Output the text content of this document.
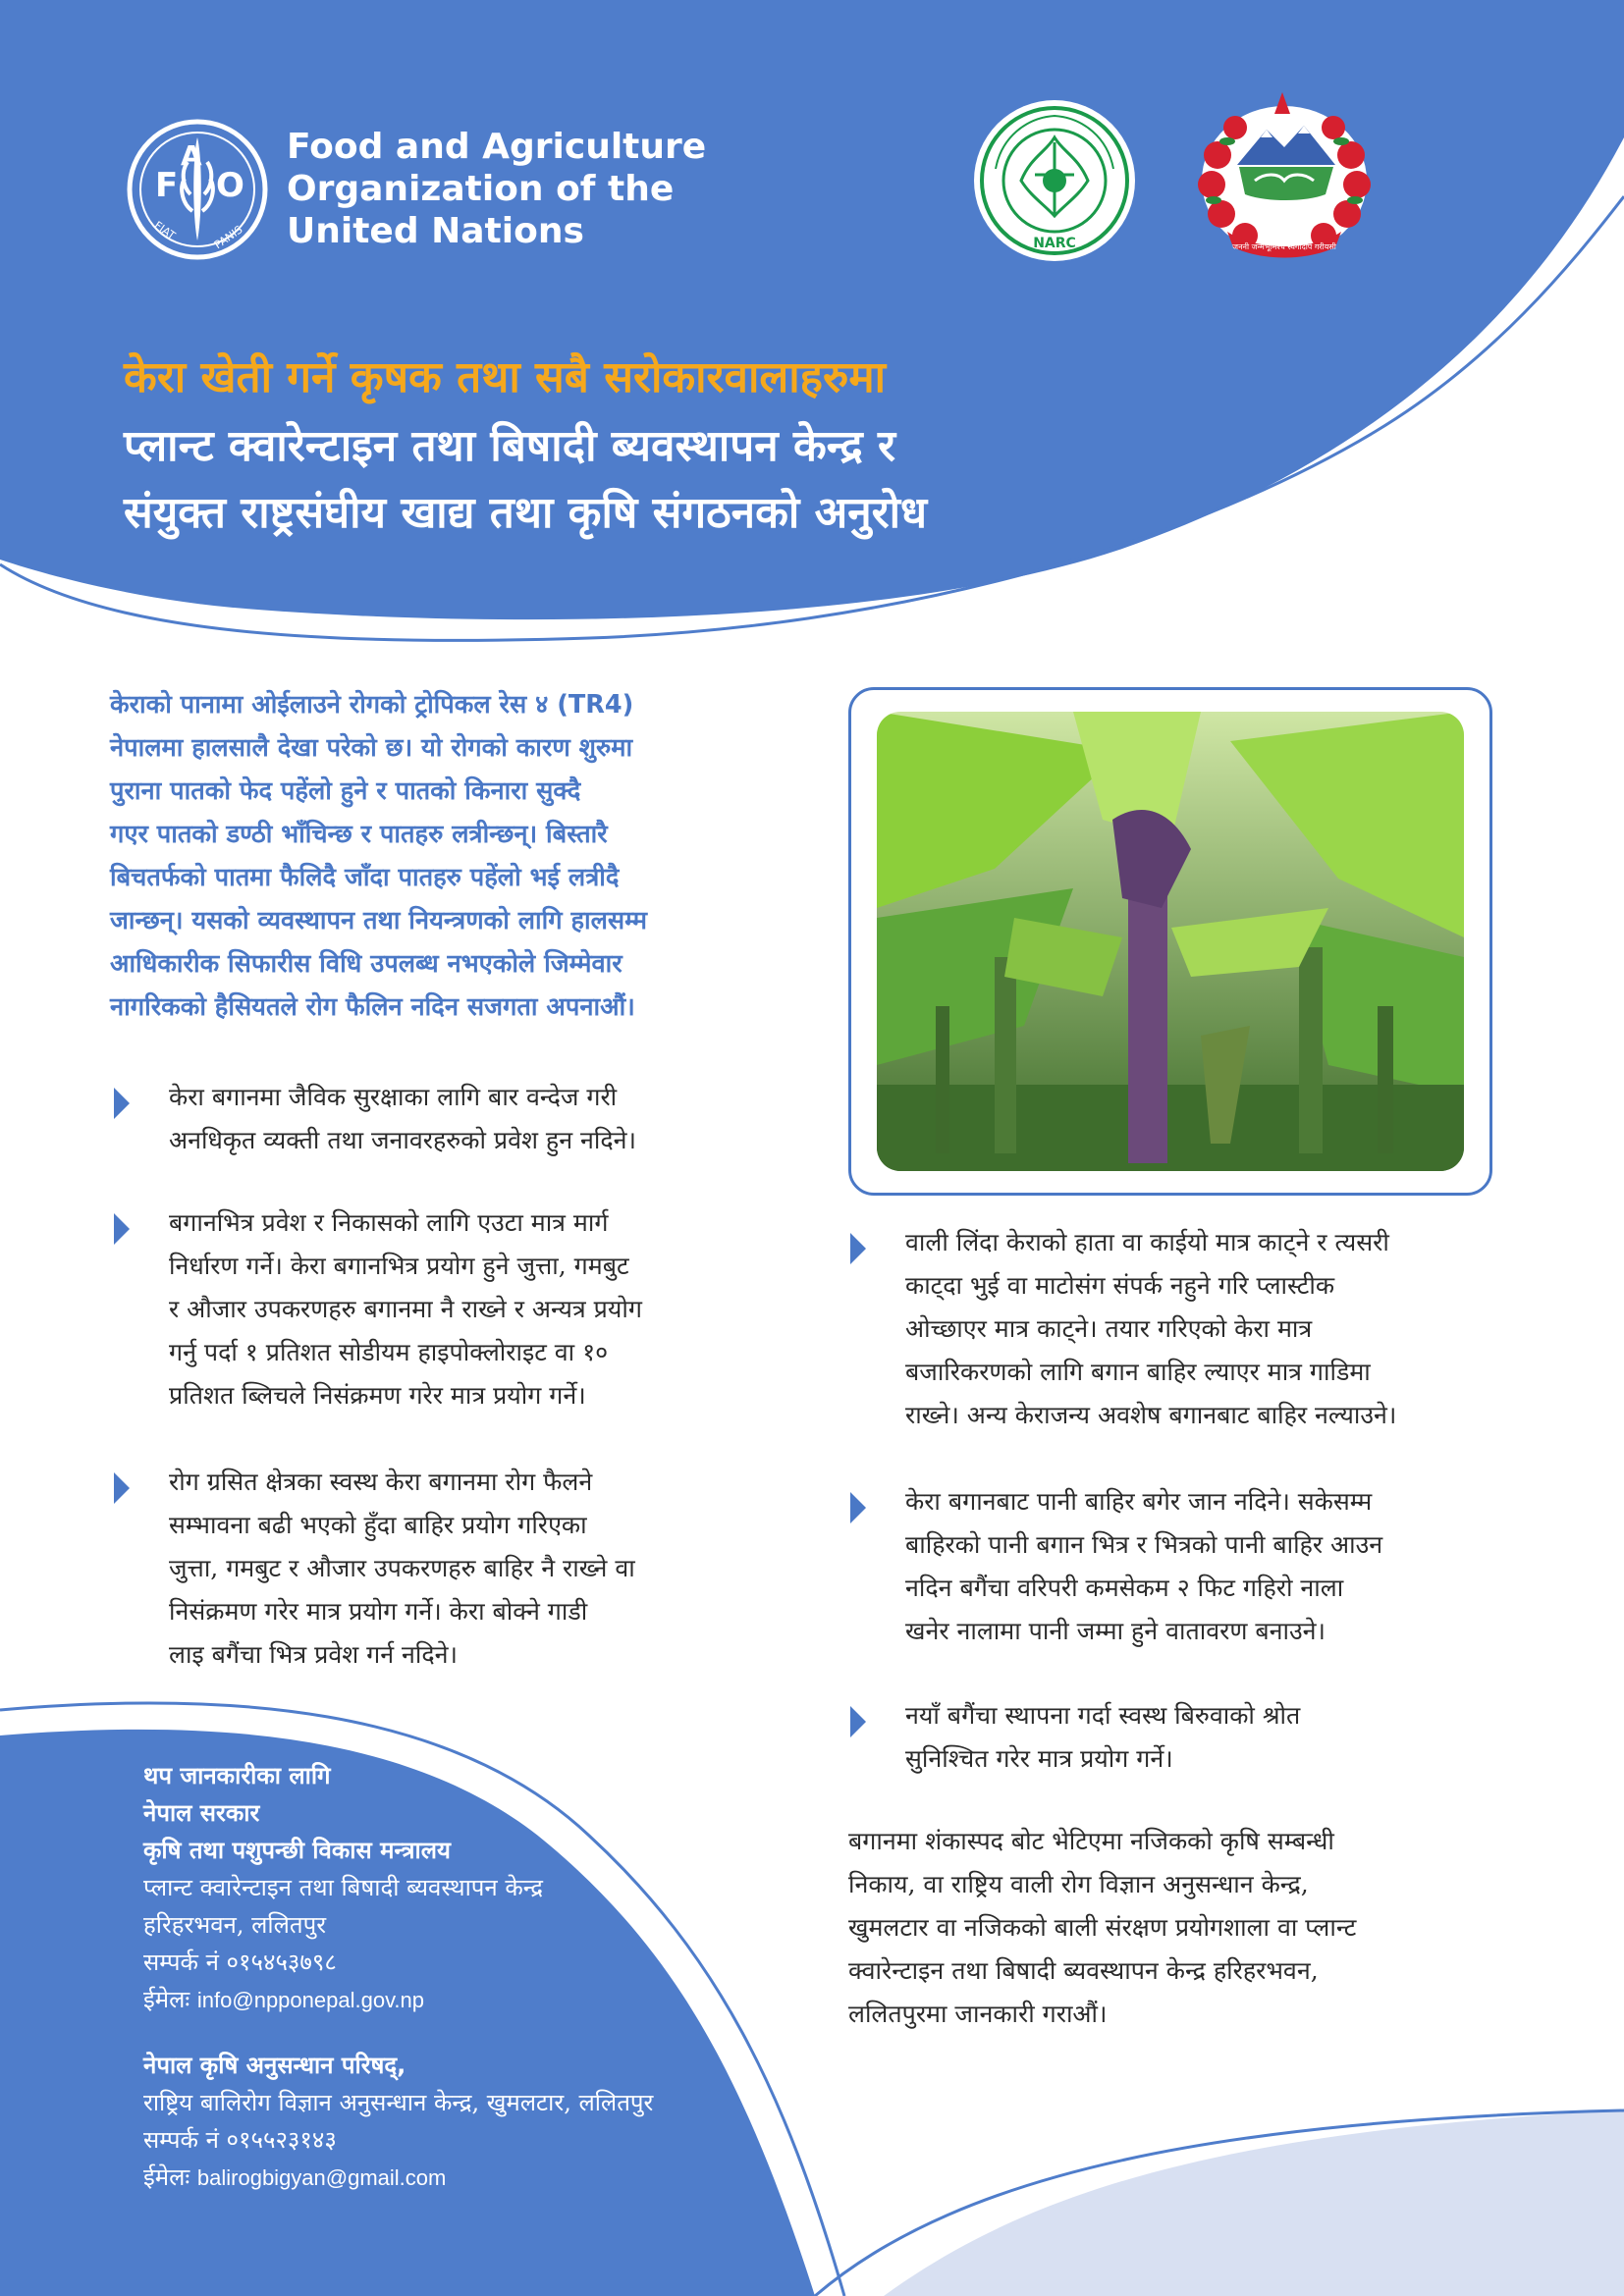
F
A
O
FIAT	PANIS
Food and Agriculture
Organization of the
United Nations	NARC	जननी जन्मभूमिश्च स्वर्गादपि गरीयसी
केरा खेती गर्ने कृषक तथा सबै सरोकारवालाहरुमा
प्लान्ट क्वारेन्टाइन तथा बिषादी ब्यवस्थापन केन्द्र र
संयुक्त राष्ट्रसंघीय खाद्य तथा कृषि संगठनको अनुरोध
केराको पानामा ओईलाउने रोगको ट्रोपिकल रेस ४ (TR4)
नेपालमा हालसालै देखा परेको छ। यो रोगको कारण शुरुमा
पुराना पातको फेद पहेंलो हुने र पातको किनारा सुक्दै
गएर पातको डण्ठी भाँचिन्छ र पातहरु लत्रीन्छन्। बिस्तारै
बिचतर्फको पातमा फैलिदै जाँदा पातहरु पहेंलो भई लत्रीदै
जान्छन्। यसको व्यवस्थापन तथा नियन्त्रणको लागि हालसम्म
आधिकारीक सिफारीस विधि उपलब्ध नभएकोले जिम्मेवार
नागरिकको हैसियतले रोग फैलिन नदिन सजगता अपनाऔं।
केरा बगानमा जैविक सुरक्षाका लागि बार वन्देज गरी
अनधिकृत व्यक्ती तथा जनावरहरुको प्रवेश हुन नदिने।
बगानभित्र प्रवेश र निकासको लागि एउटा मात्र मार्ग
निर्धारण गर्ने। केरा बगानभित्र प्रयोग हुने जुत्ता, गमबुट
र औजार उपकरणहरु बगानमा नै राख्ने र अन्यत्र प्रयोग
गर्नु पर्दा १ प्रतिशत सोडीयम हाइपोक्लोराइट वा १०
प्रतिशत ब्लिचले निसंक्रमण गरेर मात्र प्रयोग गर्ने।
रोग ग्रसित क्षेत्रका स्वस्थ केरा बगानमा रोग फैलने
सम्भावना बढी भएको हुँदा बाहिर प्रयोग गरिएका
जुत्ता, गमबुट र औजार उपकरणहरु बाहिर नै राख्ने वा
निसंक्रमण गरेर मात्र प्रयोग गर्ने। केरा बोक्ने गाडी
लाइ बगैंचा भित्र प्रवेश गर्न नदिने।
वाली लिंदा केराको हाता वा काईयो मात्र काट्ने र त्यसरी
काट्दा भुई वा माटोसंग संपर्क नहुने गरि प्लास्टीक
ओच्छाएर मात्र काट्ने। तयार गरिएको केरा मात्र
बजारिकरणको लागि बगान बाहिर ल्याएर मात्र गाडिमा
राख्ने। अन्य केराजन्य अवशेष बगानबाट बाहिर नल्याउने।
केरा बगानबाट पानी बाहिर बगेर जान नदिने। सकेसम्म
बाहिरको पानी बगान भित्र र भित्रको पानी बाहिर आउन
नदिन बगैंचा वरिपरी कमसेकम २ फिट गहिरो नाला
खनेर नालामा पानी जम्मा हुने वातावरण बनाउने।
नयाँ बगैंचा स्थापना गर्दा स्वस्थ बिरुवाको श्रोत
सुनिश्चित गरेर मात्र प्रयोग गर्ने।
बगानमा शंकास्पद बोट भेटिएमा नजिकको कृषि सम्बन्धी
निकाय, वा राष्ट्रिय वाली रोग विज्ञान अनुसन्धान केन्द्र,
खुमलटार वा नजिकको बाली संरक्षण प्रयोगशाला वा प्लान्ट
क्वारेन्टाइन तथा बिषादी ब्यवस्थापन केन्द्र हरिहरभवन,
ललितपुरमा जानकारी गराऔं।
थप जानकारीका लागि
नेपाल सरकार
कृषि तथा पशुपन्छी विकास मन्त्रालय
प्लान्ट क्वारेन्टाइन तथा बिषादी ब्यवस्थापन केन्द्र
हरिहरभवन, ललितपुर
सम्पर्क नं ०१५४५३७९८
ईमेलः info@npponepal.gov.np
नेपाल कृषि अनुसन्धान परिषद्,
राष्ट्रिय बालिरोग विज्ञान अनुसन्धान केन्द्र, खुमलटार, ललितपुर
सम्पर्क नं ०१५५२३१४३
ईमेलः balirogbigyan@gmail.com
